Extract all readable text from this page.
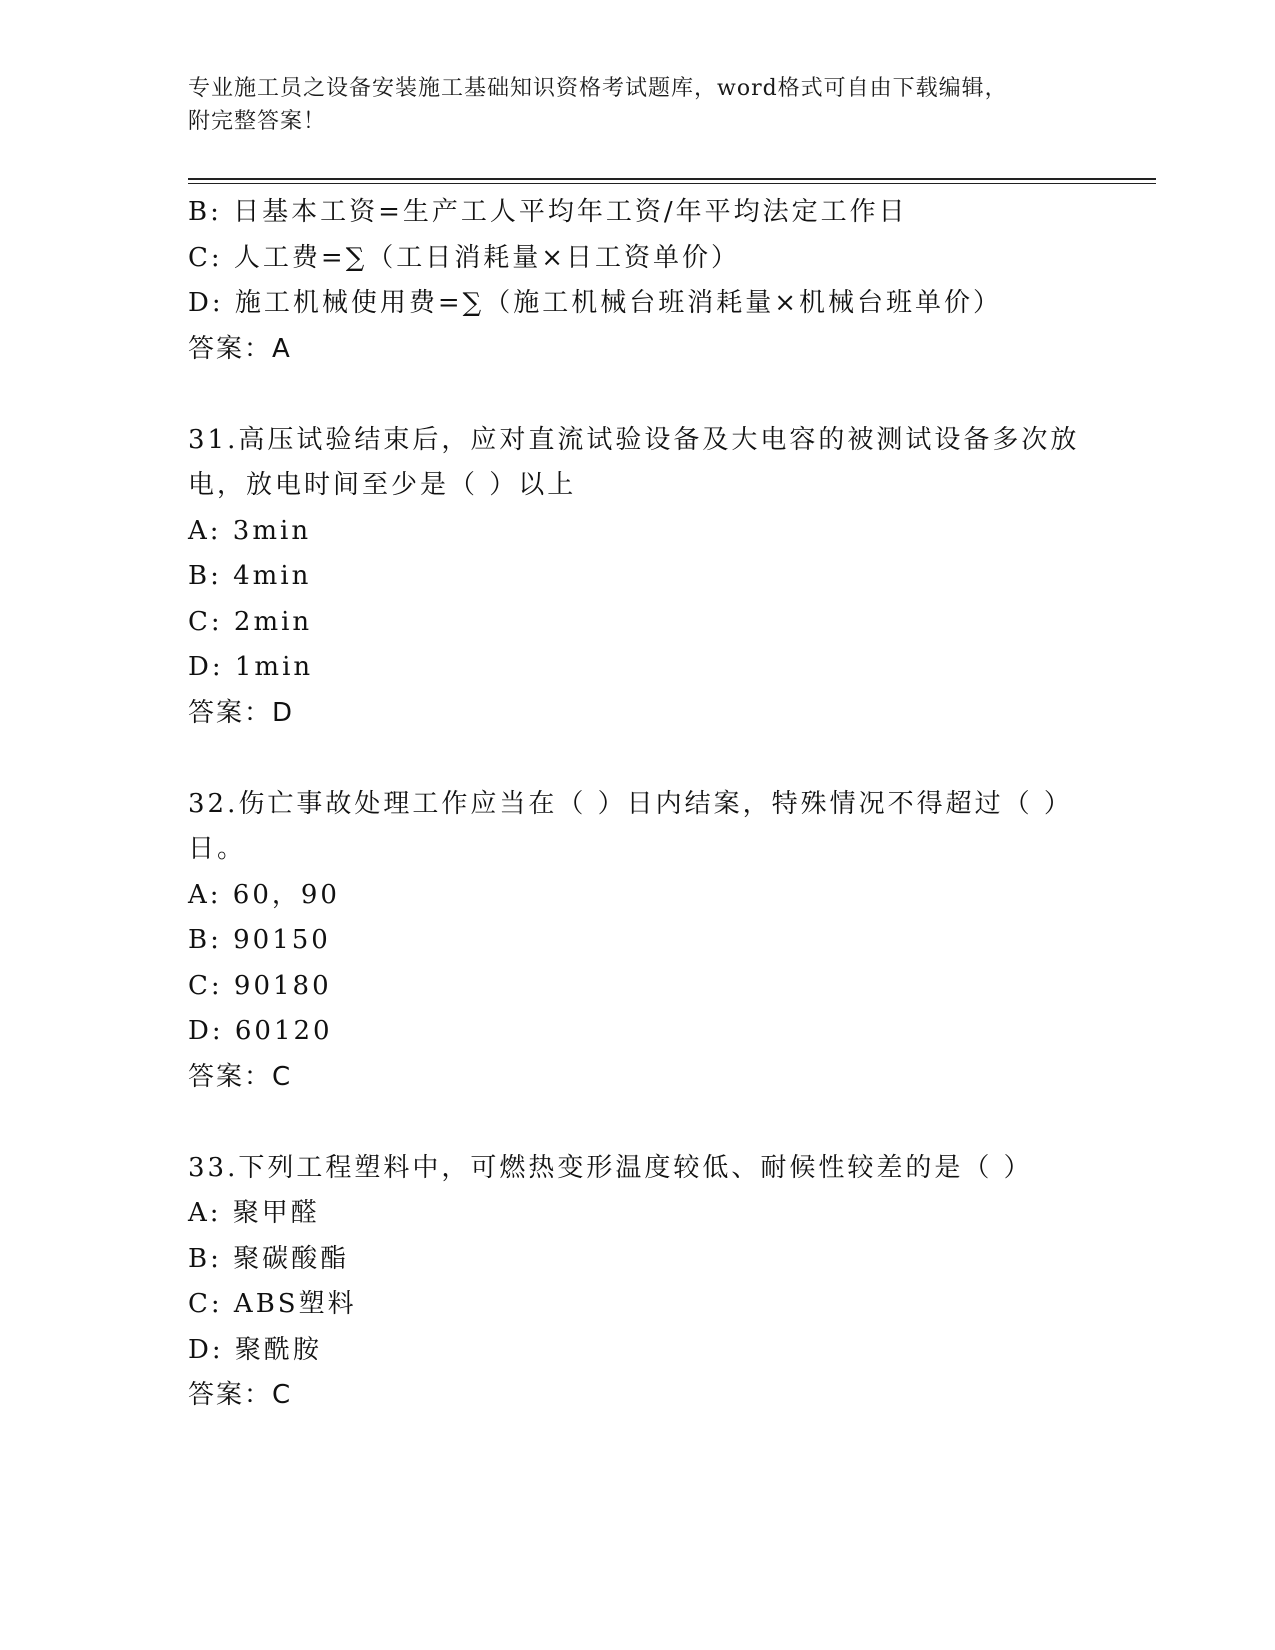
专业施工员之设备安装施工基础知识资格考试题库，word格式可自由下载编辑，
附完整答案！
B: 日基本工资=生产工人平均年工资/年平均法定工作日
C: 人工费=∑（工日消耗量×日工资单价）
D: 施工机械使用费=∑（施工机械台班消耗量×机械台班单价）
答案：A
31.高压试验结束后，应对直流试验设备及大电容的被测试设备多次放
电，放电时间至少是（ ）以上
A: 3min
B: 4min
C: 2min
D: 1min
答案：D
32.伤亡事故处理工作应当在（ ）日内结案，特殊情况不得超过（ ）
日。
A: 60，90
B: 90150
C: 90180
D: 60120
答案：C
33.下列工程塑料中，可燃热变形温度较低、耐候性较差的是（ ）
A: 聚甲醛
B: 聚碳酸酯
C: ABS塑料
D: 聚酰胺
答案：C
